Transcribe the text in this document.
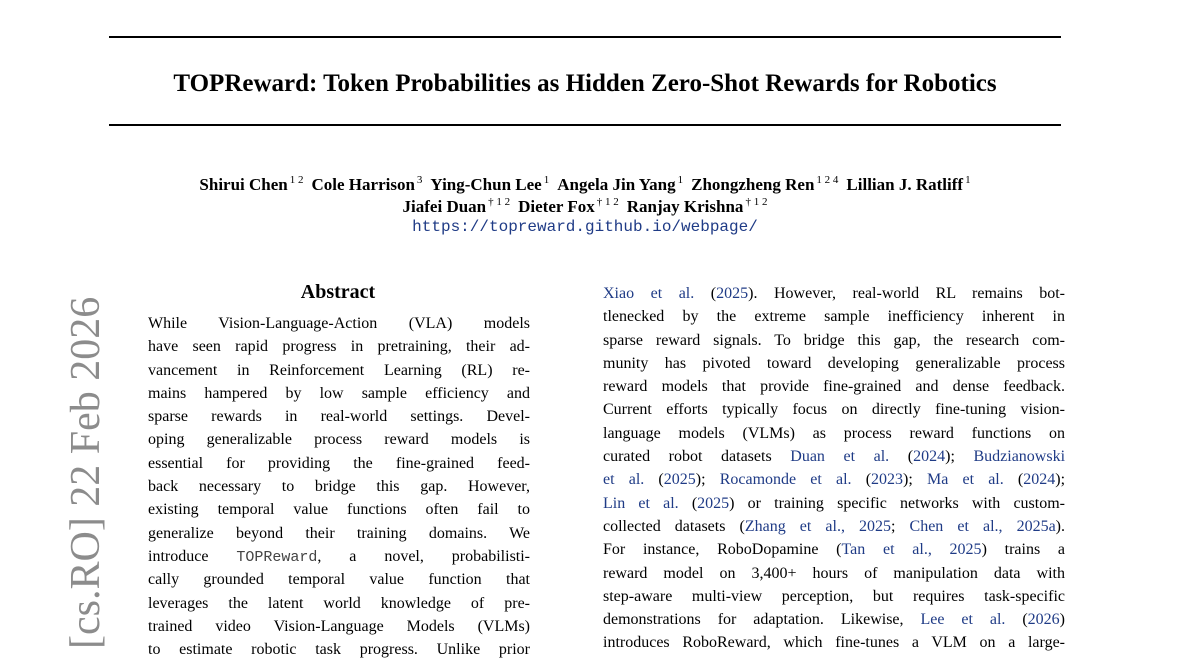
TOPReward: Token Probabilities as Hidden Zero-Shot Rewards for Robotics
Shirui Chen $^{1 2}$ Cole Harrison $^3$ Ying-Chun Lee $^1$ Angela Jin Yang $^1$ Zhongzheng Ren $^{1 2 4}$ Lillian J. Ratliff $^1$
Jiafei Duan $^{\dagger 1 2}$ Dieter Fox $^{\dagger 1 2}$ Ranjay Krishna $^{\dagger 1 2}$
https://topreward.github.io/webpage/
[cs.RO] 22 Feb 2026
Abstract
While Vision-Language-Action (VLA) models
have seen rapid progress in pretraining, their ad-
vancement in Reinforcement Learning (RL) re-
mains hampered by low sample efficiency and
sparse rewards in real-world settings. Devel-
oping generalizable process reward models is
essential for providing the fine-grained feed-
back necessary to bridge this gap. However,
existing temporal value functions often fail to
generalize beyond their training domains. We
introduce TOPReward, a novel, probabilisti-
cally grounded temporal value function that
leverages the latent world knowledge of pre-
trained video Vision-Language Models (VLMs)
to estimate robotic task progress. Unlike prior
Xiao et al. (2025). However, real-world RL remains bot-
tlenecked by the extreme sample inefficiency inherent in
sparse reward signals. To bridge this gap, the research com-
munity has pivoted toward developing generalizable process
reward models that provide fine-grained and dense feedback.
Current efforts typically focus on directly fine-tuning vision-
language models (VLMs) as process reward functions on
curated robot datasets Duan et al. (2024); Budzianowski
et al. (2025); Rocamonde et al. (2023); Ma et al. (2024);
Lin et al. (2025) or training specific networks with custom-
collected datasets (Zhang et al., 2025; Chen et al., 2025a).
For instance, RoboDopamine (Tan et al., 2025) trains a
reward model on 3,400+ hours of manipulation data with
step-aware multi-view perception, but requires task-specific
demonstrations for adaptation. Likewise, Lee et al. (2026)
introduces RoboReward, which fine-tunes a VLM on a large-
